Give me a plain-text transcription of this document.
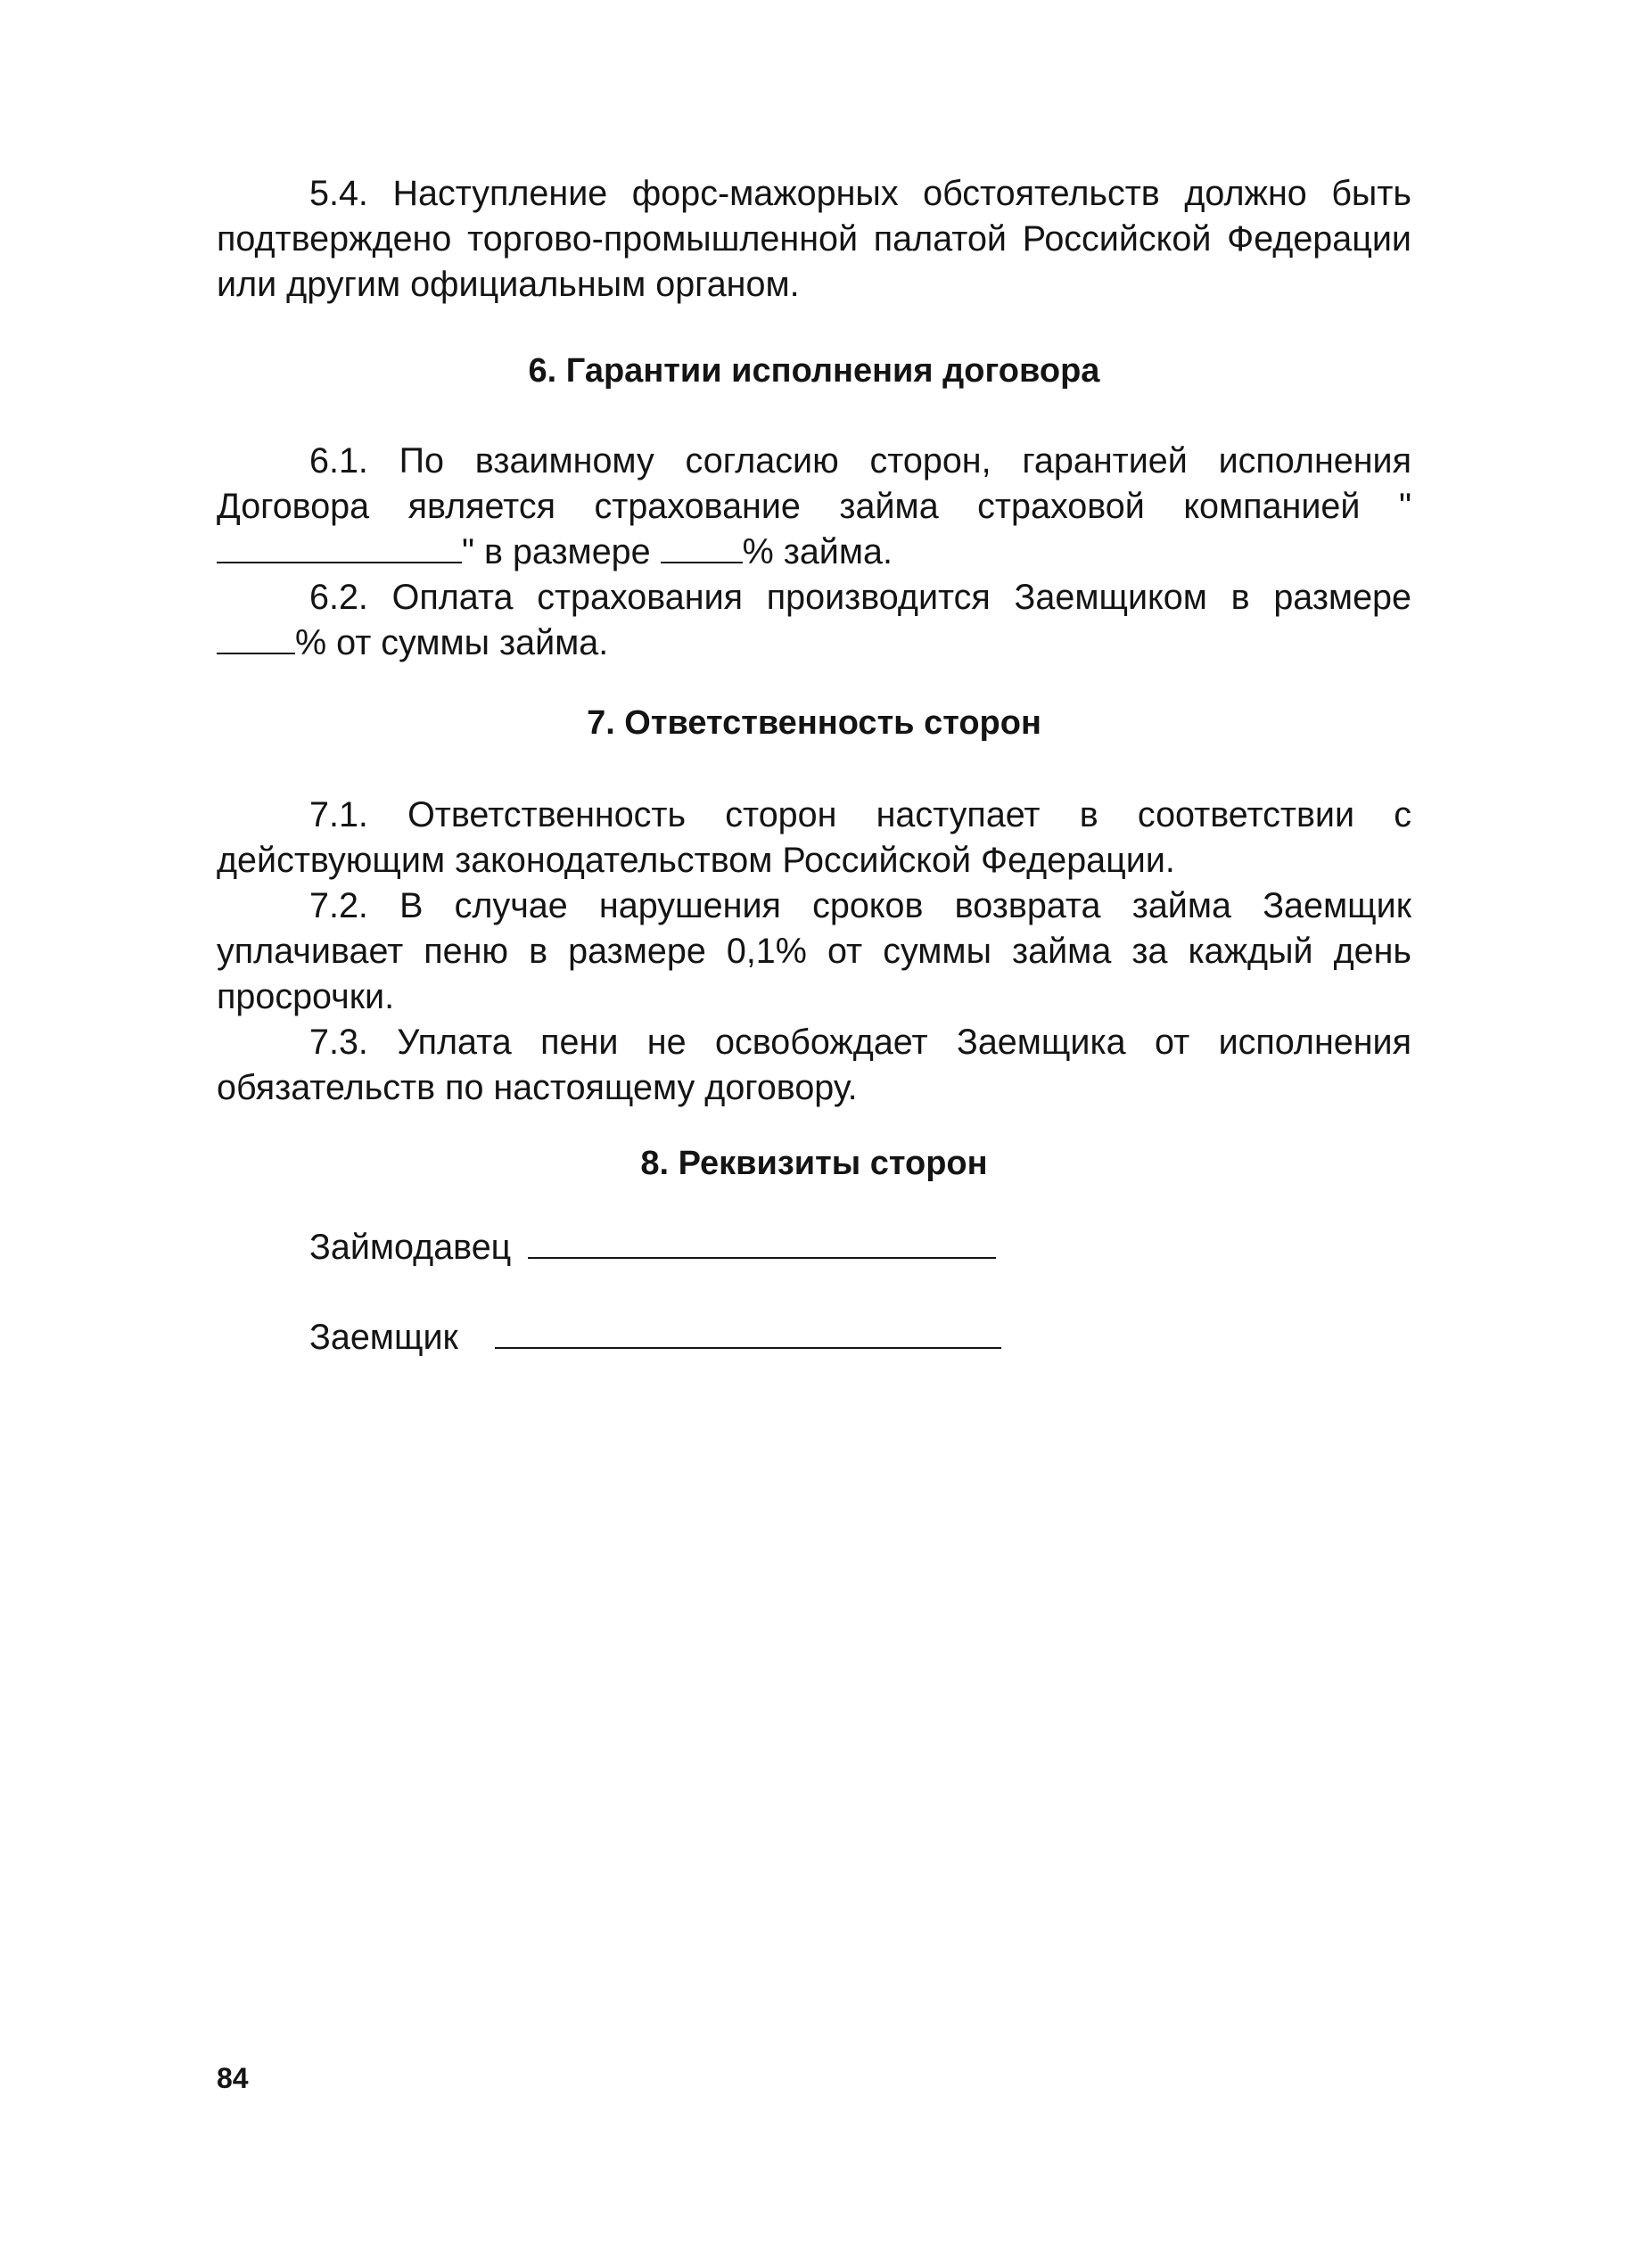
5.4. Наступление форс-мажорных обстоятельств должно быть подтверждено торгово-промышленной палатой Российской Федерации или другим официальным органом.

6. Гарантии исполнения договора

6.1. По взаимному согласию сторон, гарантией исполнения Договора является страхование займа страховой компанией "" в размере	% займа.

6.2. Оплата страхования производится Заемщиком в размере % от суммы займа.

7. Ответственность сторон

7.1. Ответственность сторон наступает в соответствии с действующим законодательством Российской Федерации.

7.2. В случае нарушения сроков возврата займа Заемщик уплачивает пеню в размере 0,1% от суммы займа за каждый день просрочки.

7.3. Уплата пени не освобождает Заемщика от исполнения обязательств по настоящему договору.

8. Реквизиты сторон
Займодавец
Заемщик
84
